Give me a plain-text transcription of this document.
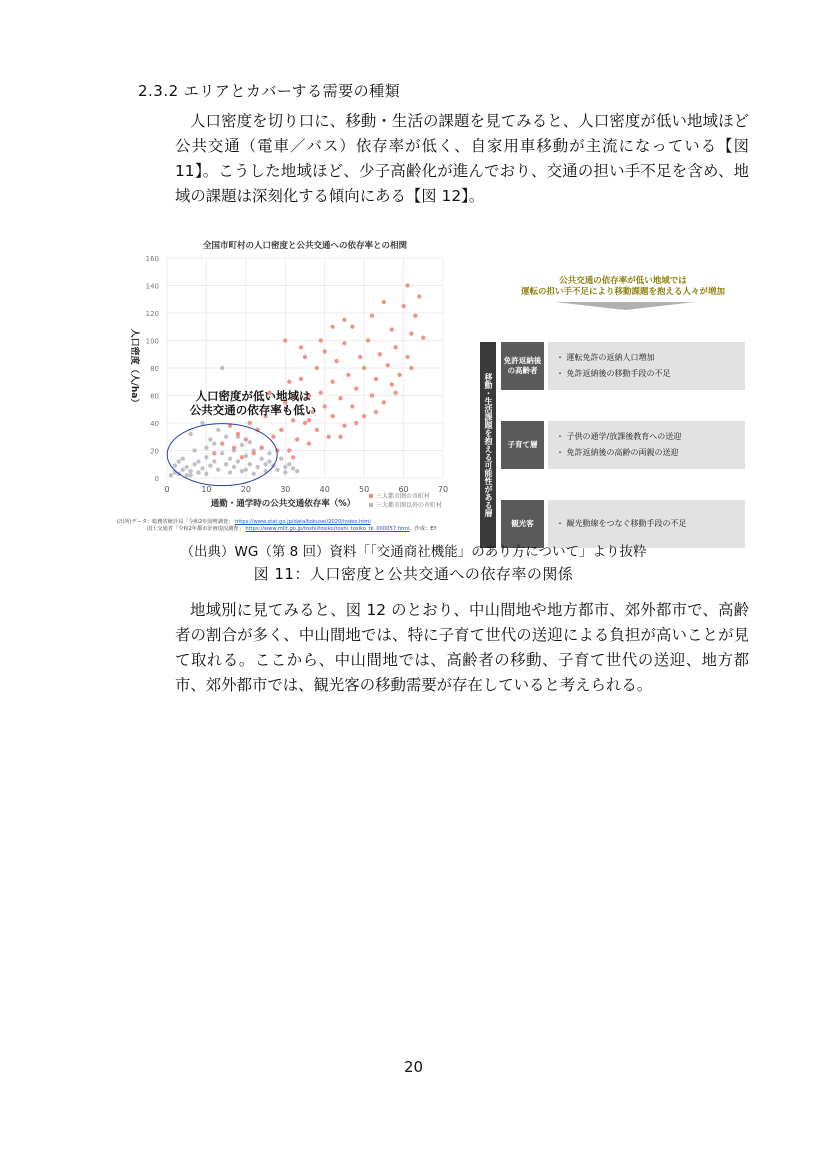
2.3.2 エリアとカバーする需要の種類

人口密度を切り口に、移動・生活の課題を見てみると、人口密度が低い地域ほど公共交通（電車／バス）依存率が低く、自家用車移動が主流になっている【図 11】。こうした地域ほど、少子高齢化が進んでおり、交通の担い手不足を含め、地域の課題は深刻化する傾向にある【図 12】。

全国市町村の人口密度と公共交通への依存率との相関
0
20
40
60
80
100
120
140
160
0	10	20	30	40	50	60	70
通勤・通学時の公共交通依存率（%）
人口密度（人/ha）	人口密度が低い地域は
公共交通の依存率も低い
三大都市圏の市町村
三大都市圏以外の市町村
(出所)データ：総務省統計局「令和2年国勢調査」 https://www.stat.go.jp/data/kokusei/2020/index.html
国土交通省「令和2年都市計画現況調査」 https://www.mlit.go.jp/toshi/tosiko/toshi_tosiko_tk_000057.html、作成：EY
公共交通の依存率が低い地域では
運転の担い手不足により移動課題を抱える人々が増加
移動・生活課題を抱える可能性がある層
免許返納後
の高齢者
・ 運転免許の返納人口増加
・ 免許返納後の移動手段の不足
子育て層
・ 子供の通学/放課後教育への送迎
・ 免許返納後の高齢の両親の送迎
観光客	・ 観光動線をつなぐ移動手段の不足
（出典）WG（第 8 回）資料「「交通商社機能」のあり方について」より抜粋
図 11：人口密度と公共交通への依存率の関係

地域別に見てみると、図 12 のとおり、中山間地や地方都市、郊外都市で、高齢者の割合が多く、中山間地では、特に子育て世代の送迎による負担が高いことが見て取れる。ここから、中山間地では、高齢者の移動、子育て世代の送迎、地方都市、郊外都市では、観光客の移動需要が存在していると考えられる。

20
